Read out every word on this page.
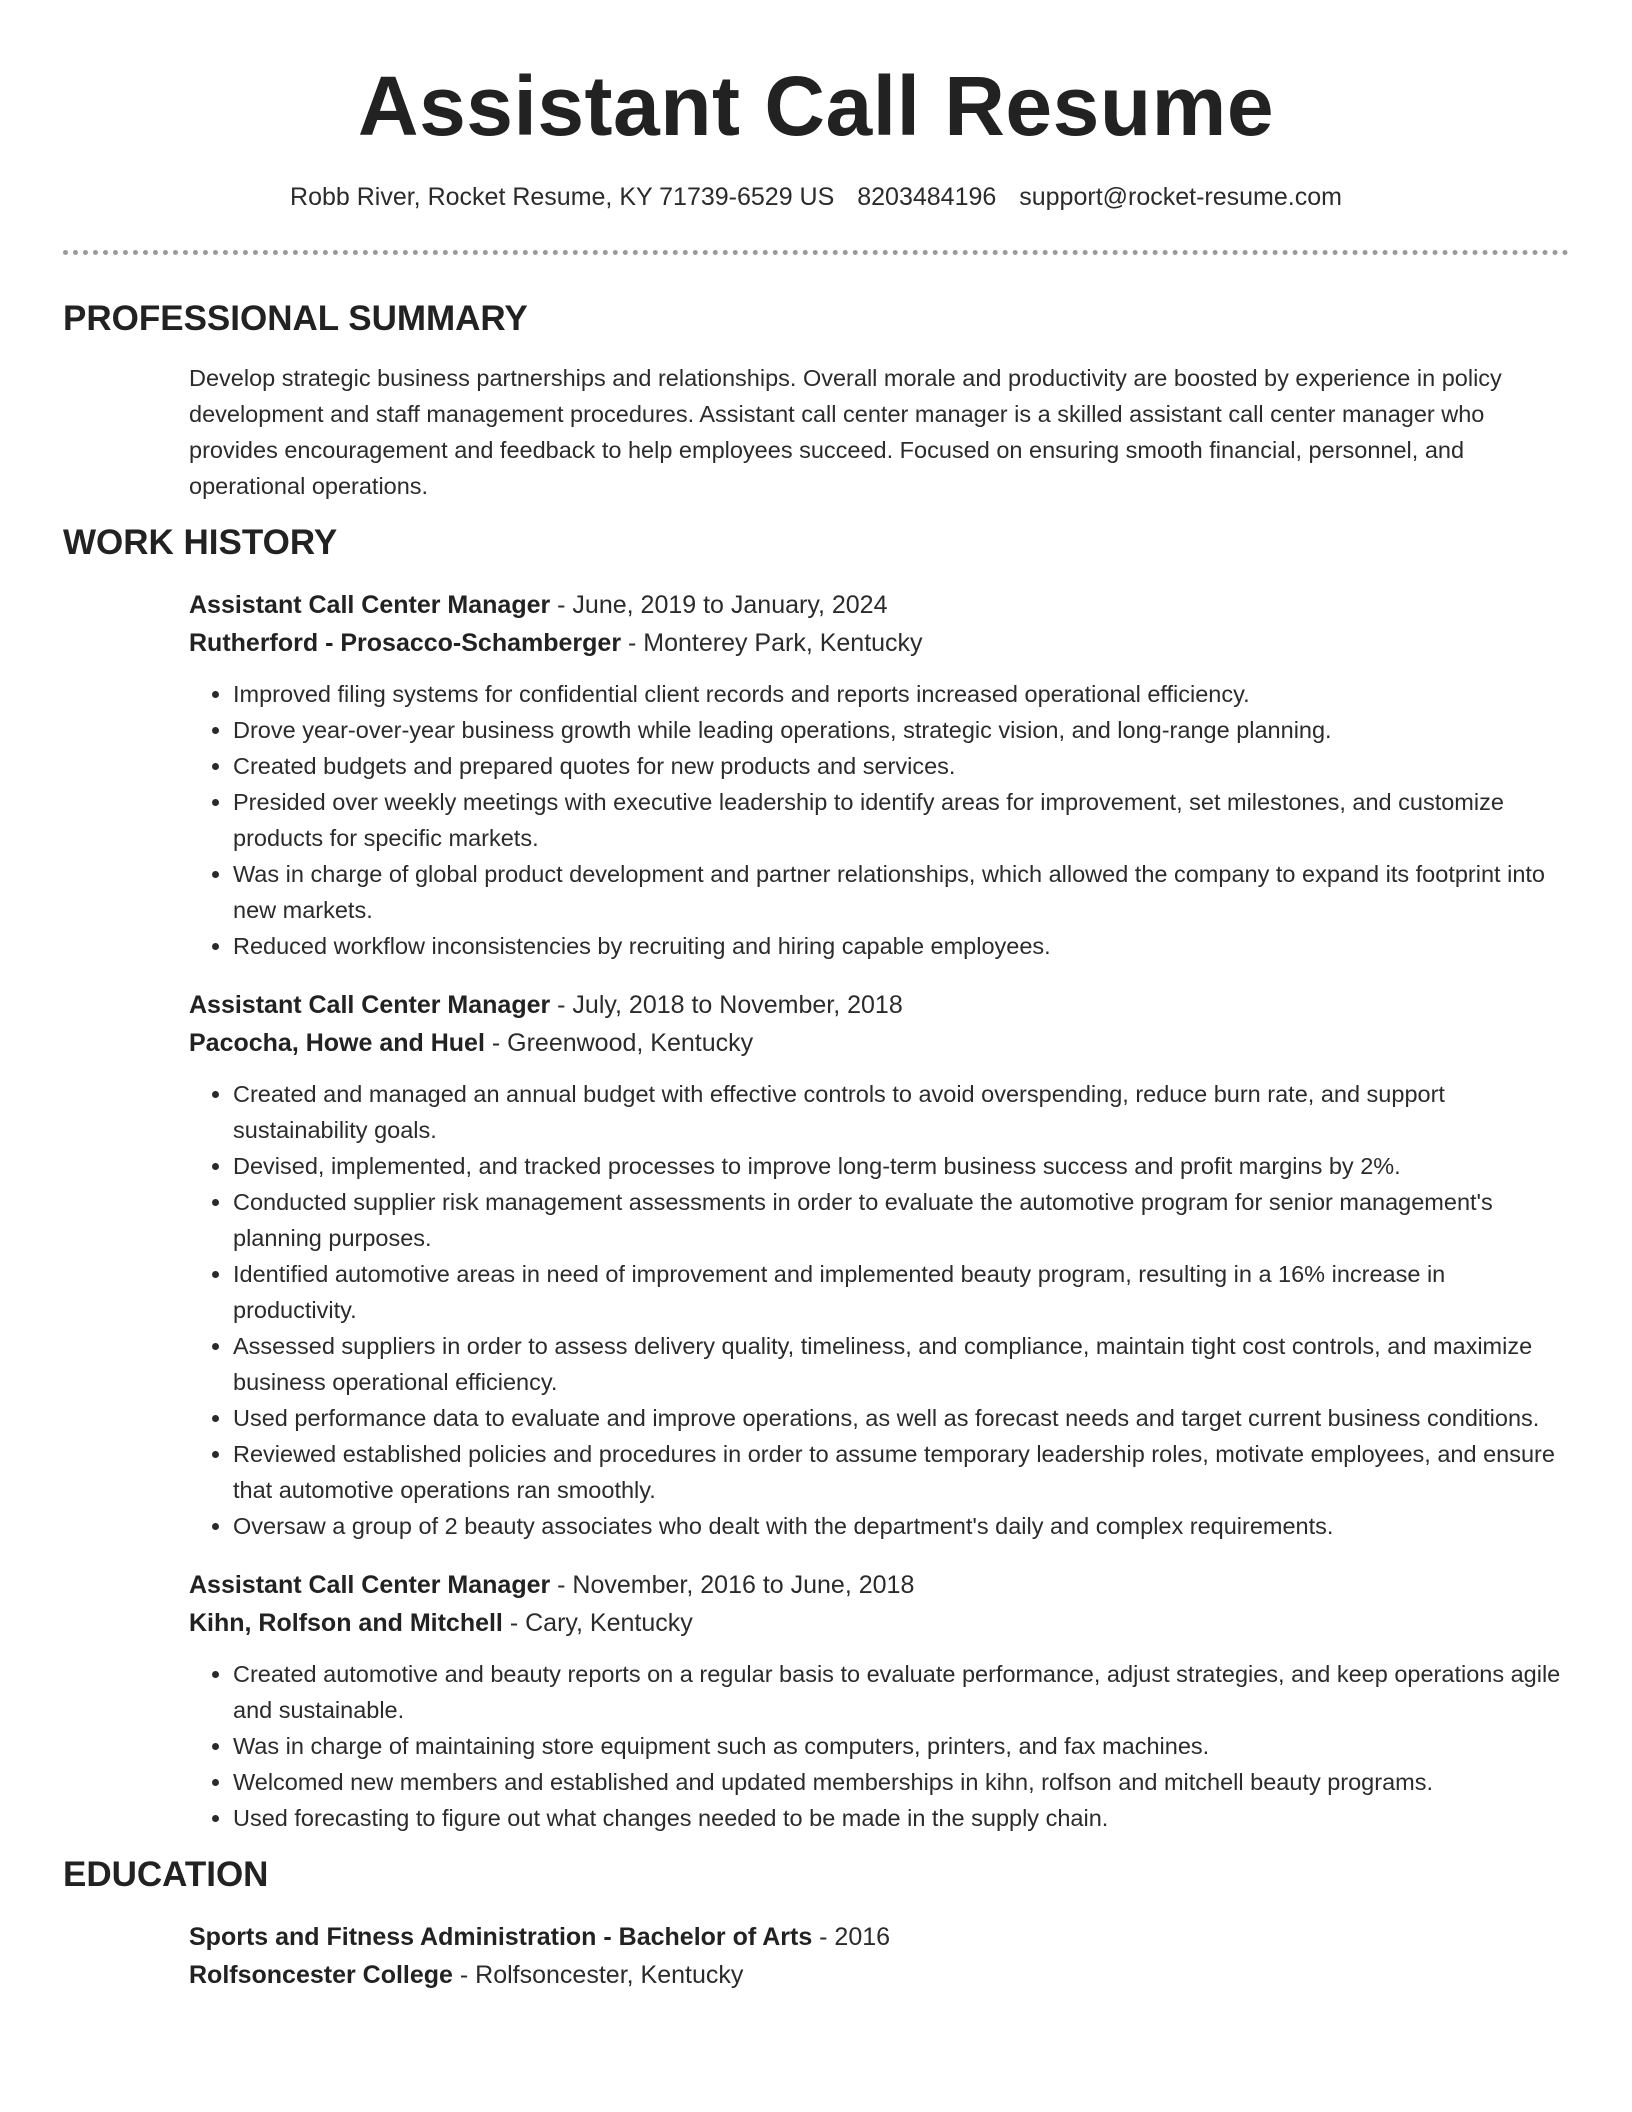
Assistant Call Resume
Robb River, Rocket Resume, KY 71739-6529 US 8203484196 support@rocket-resume.com
PROFESSIONAL SUMMARY

Develop strategic business partnerships and relationships. Overall morale and productivity are boosted by experience in policy development and staff management procedures. Assistant call center manager is a skilled assistant call center manager who provides encouragement and feedback to help employees succeed. Focused on ensuring smooth financial, personnel, and operational operations.

WORK HISTORY
Assistant Call Center Manager - June, 2019 to January, 2024
Rutherford - Prosacco-Schamberger - Monterey Park, Kentucky
• Improved filing systems for confidential client records and reports increased operational efficiency.
• Drove year-over-year business growth while leading operations, strategic vision, and long-range planning.
• Created budgets and prepared quotes for new products and services.
• Presided over weekly meetings with executive leadership to identify areas for improvement, set milestones, and customize products for specific markets.
• Was in charge of global product development and partner relationships, which allowed the company to expand its footprint into new markets.
• Reduced workflow inconsistencies by recruiting and hiring capable employees.
Assistant Call Center Manager - July, 2018 to November, 2018
Pacocha, Howe and Huel - Greenwood, Kentucky
• Created and managed an annual budget with effective controls to avoid overspending, reduce burn rate, and support sustainability goals.
• Devised, implemented, and tracked processes to improve long-term business success and profit margins by 2%.
• Conducted supplier risk management assessments in order to evaluate the automotive program for senior management's planning purposes.
• Identified automotive areas in need of improvement and implemented beauty program, resulting in a 16% increase in productivity.
• Assessed suppliers in order to assess delivery quality, timeliness, and compliance, maintain tight cost controls, and maximize business operational efficiency.
• Used performance data to evaluate and improve operations, as well as forecast needs and target current business conditions.
• Reviewed established policies and procedures in order to assume temporary leadership roles, motivate employees, and ensure that automotive operations ran smoothly.
• Oversaw a group of 2 beauty associates who dealt with the department's daily and complex requirements.
Assistant Call Center Manager - November, 2016 to June, 2018
Kihn, Rolfson and Mitchell - Cary, Kentucky
• Created automotive and beauty reports on a regular basis to evaluate performance, adjust strategies, and keep operations agile and sustainable.
• Was in charge of maintaining store equipment such as computers, printers, and fax machines.
• Welcomed new members and established and updated memberships in kihn, rolfson and mitchell beauty programs.
• Used forecasting to figure out what changes needed to be made in the supply chain.
EDUCATION
Sports and Fitness Administration - Bachelor of Arts - 2016
Rolfsoncester College - Rolfsoncester, Kentucky
